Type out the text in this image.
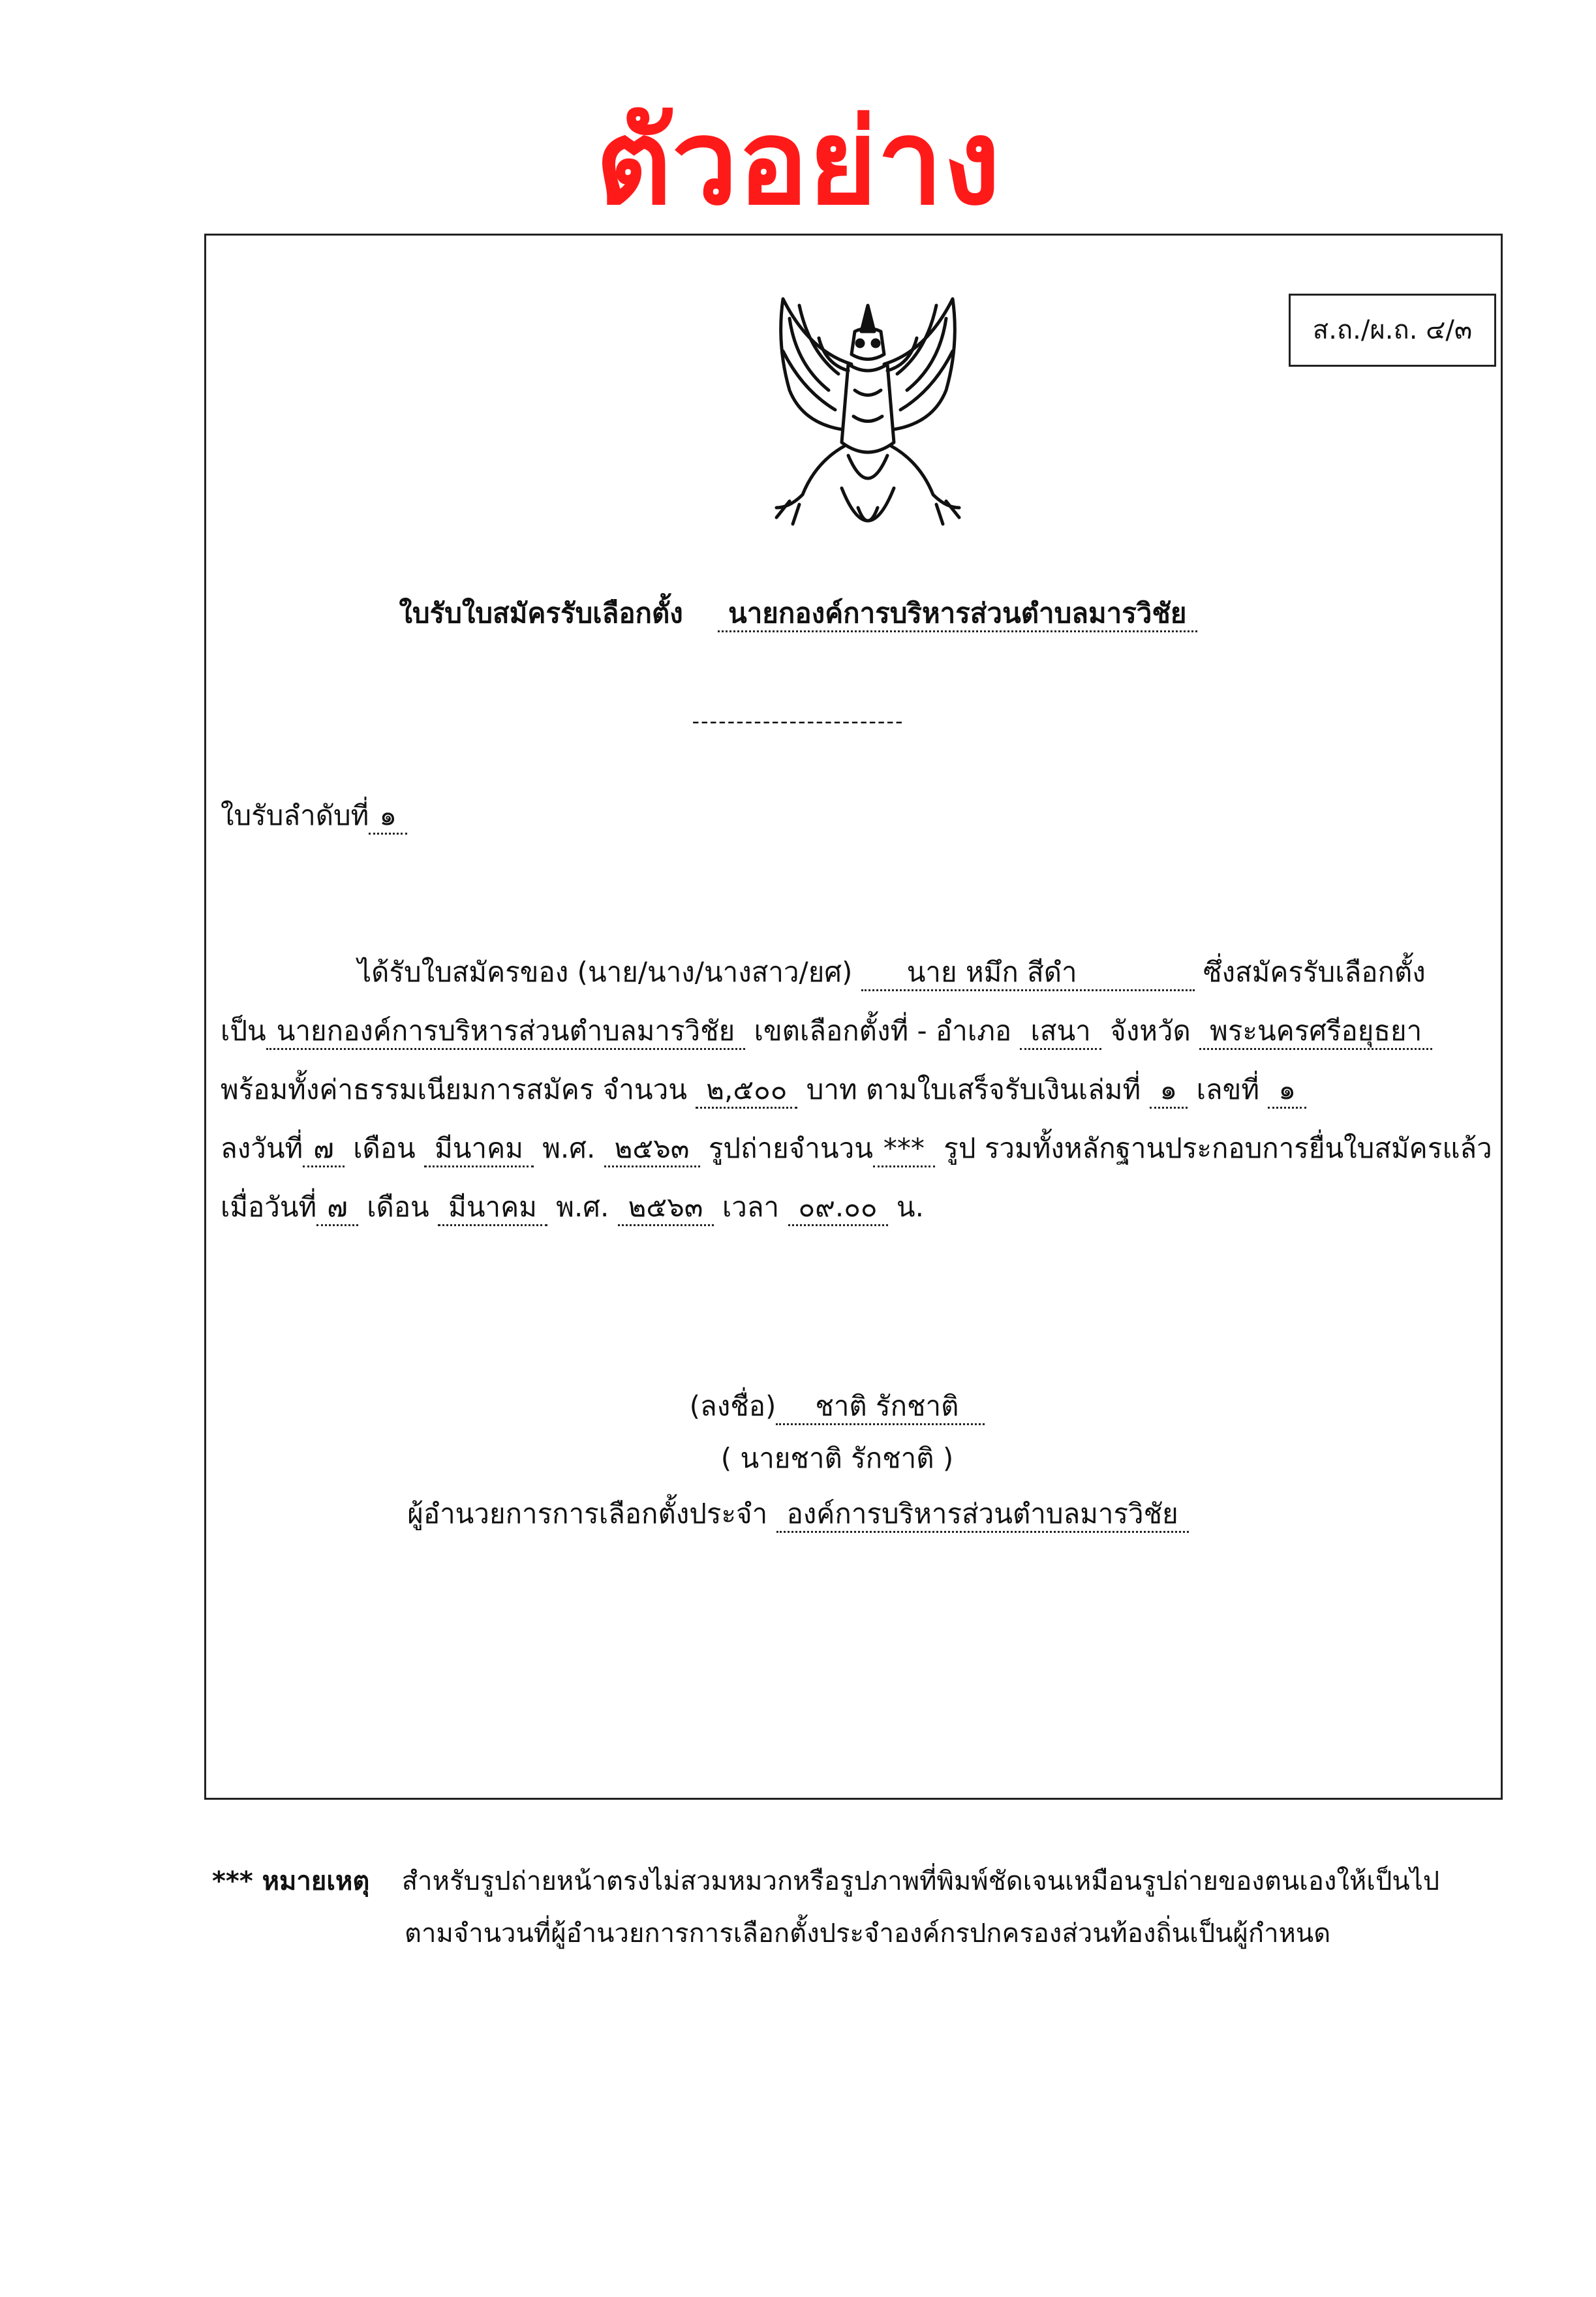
ตัวอย่าง
ส.ถ./ผ.ถ. ๔/๓
ใบรับใบสมัครรับเลือกตั้ง นายกองค์การบริหารส่วนตำบลมารวิชัย
------------------------
ใบรับลำดับที่ ๑
ได้รับใบสมัครของ (นาย/นาง/นางสาว/ยศ) นาย หมึก สีดำ	ซึ่งสมัครรับเลือกตั้ง
เป็น นายกองค์การบริหารส่วนตำบลมารวิชัย เขตเลือกตั้งที่ - อำเภอ เสนา จังหวัด พระนครศรีอยุธยา
พร้อมทั้งค่าธรรมเนียมการสมัคร จำนวน ๒,๕๐๐ บาท ตามใบเสร็จรับเงินเล่มที่ ๑ เลขที่ ๑
ลงวันที่ ๗ เดือน มีนาคม พ.ศ. ๒๕๖๓ รูปถ่ายจำนวน *** รูป รวมทั้งหลักฐานประกอบการยื่นใบสมัครแล้ว
เมื่อวันที่ ๗ เดือน มีนาคม พ.ศ. ๒๕๖๓ เวลา ๐๙.๐๐ น.
(ลงชื่อ) ชาติ รักชาติ
( นายชาติ รักชาติ )
ผู้อำนวยการการเลือกตั้งประจำ องค์การบริหารส่วนตำบลมารวิชัย
*** หมายเหตุ สำหรับรูปถ่ายหน้าตรงไม่สวมหมวกหรือรูปภาพที่พิมพ์ชัดเจนเหมือนรูปถ่ายของตนเองให้เป็นไป
ตามจำนวนที่ผู้อำนวยการการเลือกตั้งประจำองค์กรปกครองส่วนท้องถิ่นเป็นผู้กำหนด
